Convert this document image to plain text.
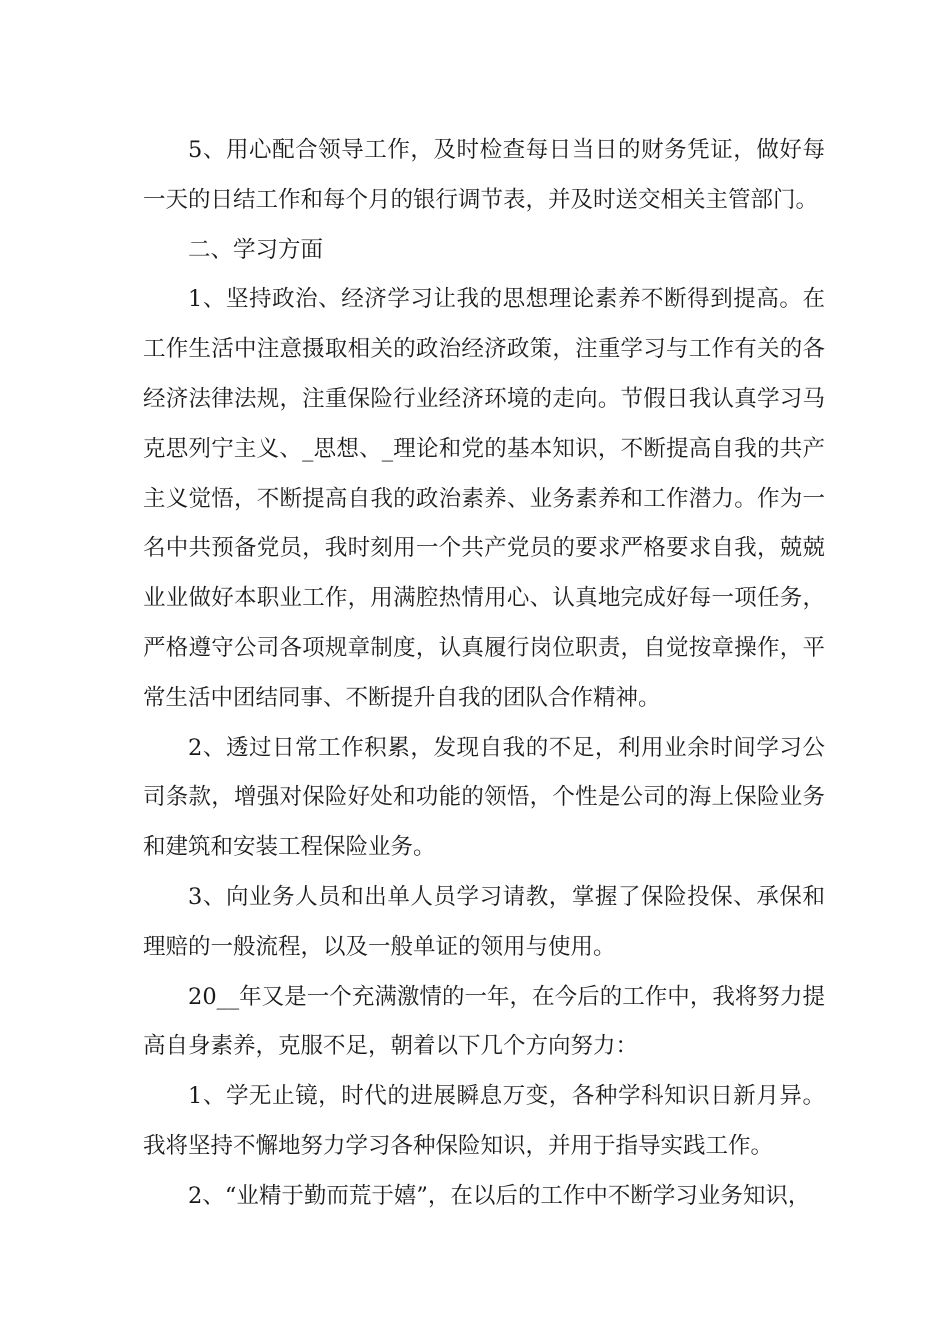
5、用心配合领导工作，及时检查每日当日的财务凭证，做好每一天的日结工作和每个月的银行调节表，并及时送交相关主管部门。

二、学习方面

1、坚持政治、经济学习让我的思想理论素养不断得到提高。在工作生活中注意摄取相关的政治经济政策，注重学习与工作有关的各经济法律法规，注重保险行业经济环境的走向。节假日我认真学习马克思列宁主义、_思想、_理论和党的基本知识，不断提高自我的共产主义觉悟，不断提高自我的政治素养、业务素养和工作潜力。作为一名中共预备党员，我时刻用一个共产党员的要求严格要求自我，兢兢业业做好本职业工作，用满腔热情用心、认真地完成好每一项任务，严格遵守公司各项规章制度，认真履行岗位职责，自觉按章操作，平常生活中团结同事、不断提升自我的团队合作精神。

2、透过日常工作积累，发现自我的不足，利用业余时间学习公司条款，增强对保险好处和功能的领悟，个性是公司的海上保险业务和建筑和安装工程保险业务。

3、向业务人员和出单人员学习请教，掌握了保险投保、承保和理赔的一般流程，以及一般单证的领用与使用。

20__年又是一个充满激情的一年，在今后的工作中，我将努力提高自身素养，克服不足，朝着以下几个方向努力：

1、学无止镜，时代的进展瞬息万变，各种学科知识日新月异。我将坚持不懈地努力学习各种保险知识，并用于指导实践工作。

2、“业精于勤而荒于嬉”，在以后的工作中不断学习业务知识，
